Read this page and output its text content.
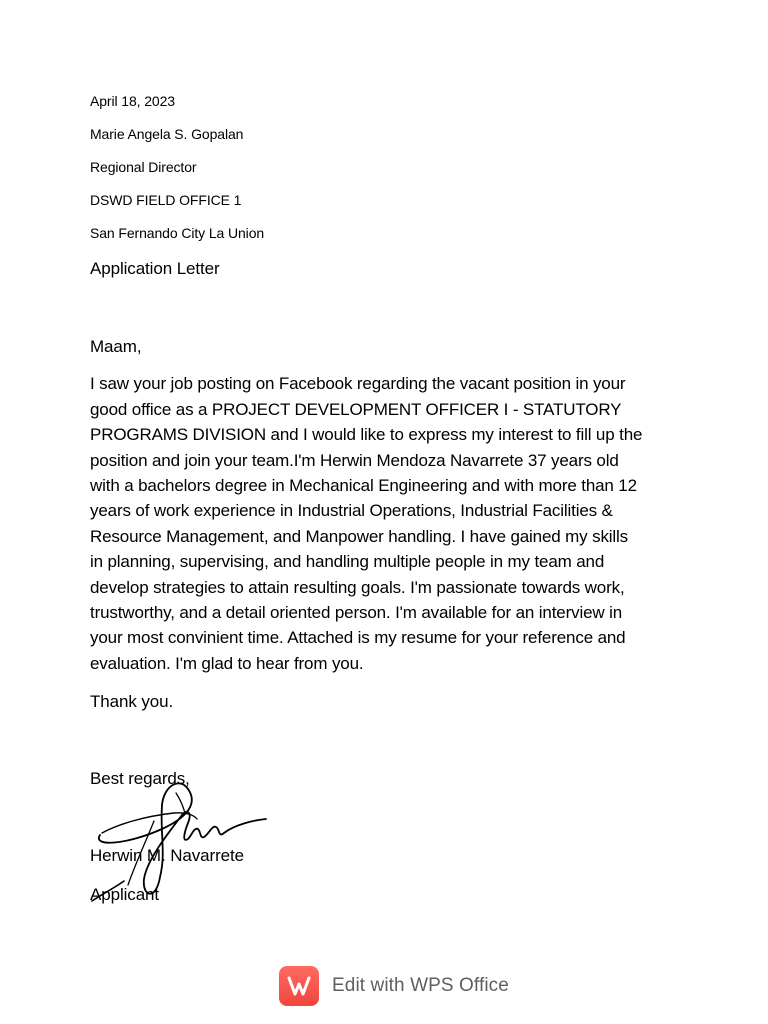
April 18, 2023
Marie Angela S. Gopalan
Regional Director
DSWD FIELD OFFICE 1
San Fernando City La Union
Application Letter
Maam,
I saw your job posting on Facebook regarding the vacant position in your
good office as a PROJECT DEVELOPMENT OFFICER I - STATUTORY
PROGRAMS DIVISION and I would like to express my interest to fill up the
position and join your team.I'm Herwin Mendoza Navarrete 37 years old
with a bachelors degree in Mechanical Engineering and with more than 12
years of work experience in Industrial Operations, Industrial Facilities &
Resource Management, and Manpower handling. I have gained my skills
in planning, supervising, and handling multiple people in my team and
develop strategies to attain resulting goals. I'm passionate towards work,
trustworthy, and a detail oriented person. I'm available for an interview in
your most convinient time. Attached is my resume for your reference and
evaluation. I'm glad to hear from you.
Thank you.
Best regards,
Herwin M. Navarrete
Applicant
Edit with WPS Office
